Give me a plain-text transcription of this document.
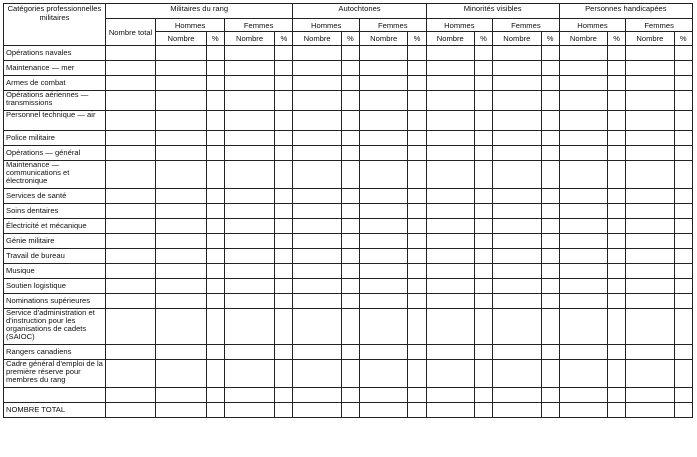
Catégories professionnelles militaires	Militaires du rang					Autochtones				Minorités visibles				Personnes handicapées			
	Nombre total	Hommes		Femmes		Hommes		Femmes		Hommes		Femmes		Hommes		Femmes	
		Nombre	%	Nombre	%	Nombre	%	Nombre	%	Nombre	%	Nombre	%	Nombre	%	Nombre	%
Opérations navales																	
Maintenance — mer																	
Armes de combat																	
Opérations aériennes — transmissions																	
Personnel technique — air																	
Police militaire																	
Opérations — général																	
Maintenance — communications et électronique																	
Services de santé																	
Soins dentaires																	
Électricité et mécanique																	
Génie militaire																	
Travail de bureau																	
Musique																	
Soutien logistique																	
Nominations supérieures																	
Service d'administration et d'instruction pour les organisations de cadets (SAIOC)																	
Rangers canadiens																	
Cadre général d'emploi de la première réserve pour membres du rang																	

NOMBRE TOTAL																	
